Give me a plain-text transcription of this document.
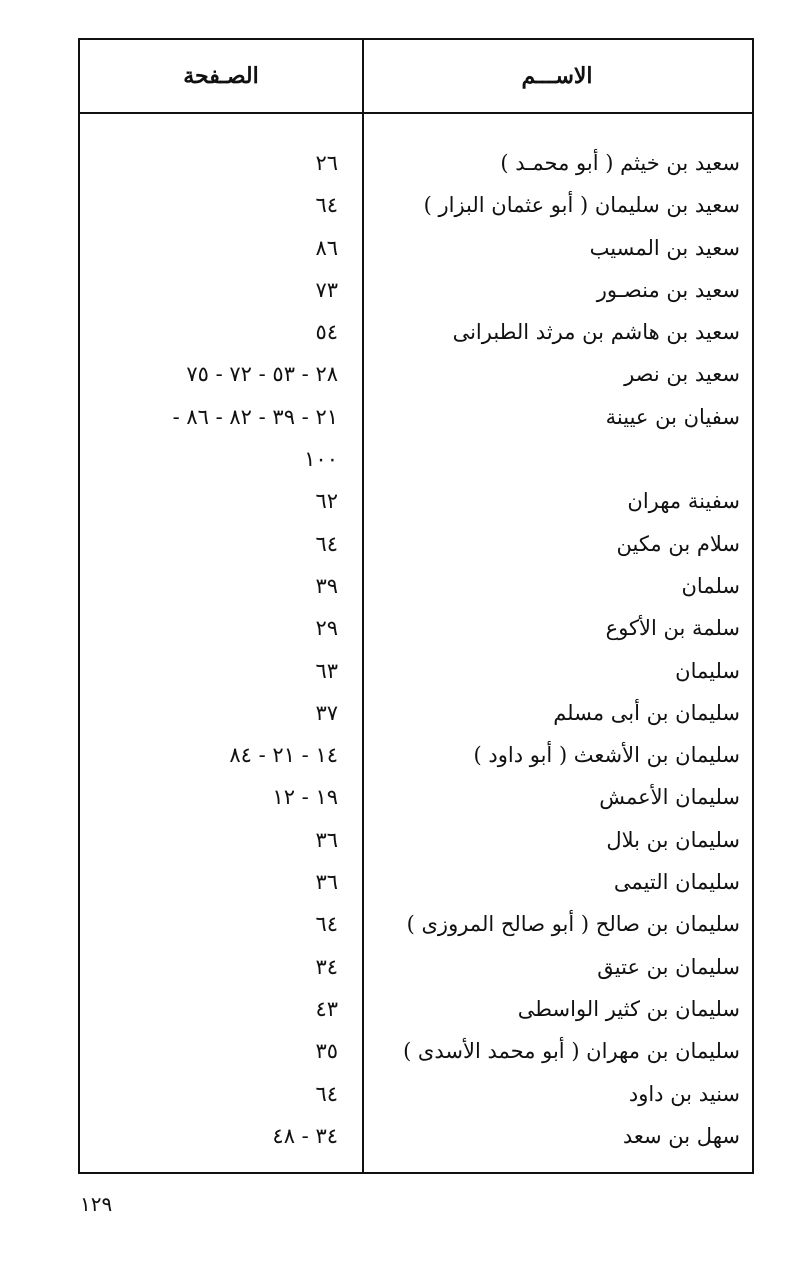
الاســـم
الصـفحة
سعيد بن خيثم ( أبو محمـد )
٢٦
سعيد بن سليمان ( أبو عثمان البزار )
٦٤
سعيد بن المسيب
٨٦
سعيد بن منصـور
٧٣
سعيد بن هاشم بن مرثد الطبرانى
٥٤
سعيد بن نصر
٢٨ - ٥٣ - ٧٢ - ٧٥
سفيان بن عيينة
٢١ - ٣٩ - ٨٢ - ٨٦ -
١٠٠
سفينة مهران
٦٢
سلام بن مكين
٦٤
سلمان
٣٩
سلمة بن الأكوع
٢٩
سليمان
٦٣
سليمان بن أبى مسلم
٣٧
سليمان بن الأشعث ( أبو داود )
١٤ - ٢١ - ٨٤
سليمان الأعمش
١٩ - ١٢
سليمان بن بلال
٣٦
سليمان التيمى
٣٦
سليمان بن صالح ( أبو صالح المروزى )
٦٤
سليمان بن عتيق
٣٤
سليمان بن كثير الواسطى
٤٣
سليمان بن مهران ( أبو محمد الأسدى )
٣٥
سنيد بن داود
٦٤
سهل بن سعد
٣٤ - ٤٨
١٢٩
